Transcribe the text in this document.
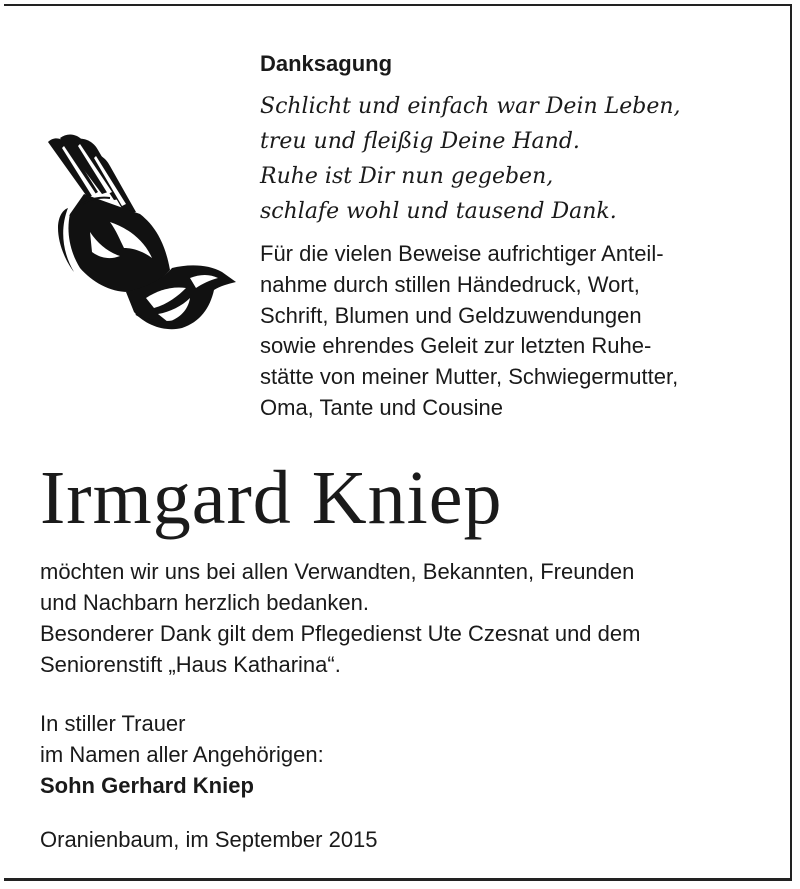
Danksagung
Schlicht und einfach war Dein Leben,
treu und fleißig Deine Hand.
Ruhe ist Dir nun gegeben,
schlafe wohl und tausend Dank.
Für die vielen Beweise aufrichtiger Anteil-
nahme durch stillen Händedruck, Wort,
Schrift, Blumen und Geldzuwendungen
sowie ehrendes Geleit zur letzten Ruhe-
stätte von meiner Mutter, Schwiegermutter,
Oma, Tante und Cousine
Irmgard Kniep
möchten wir uns bei allen Verwandten, Bekannten, Freunden
und Nachbarn herzlich bedanken.
Besonderer Dank gilt dem Pflegedienst Ute Czesnat und dem
Seniorenstift „Haus Katharina“.
In stiller Trauer
im Namen aller Angehörigen:
Sohn Gerhard Kniep
Oranienbaum, im September 2015
